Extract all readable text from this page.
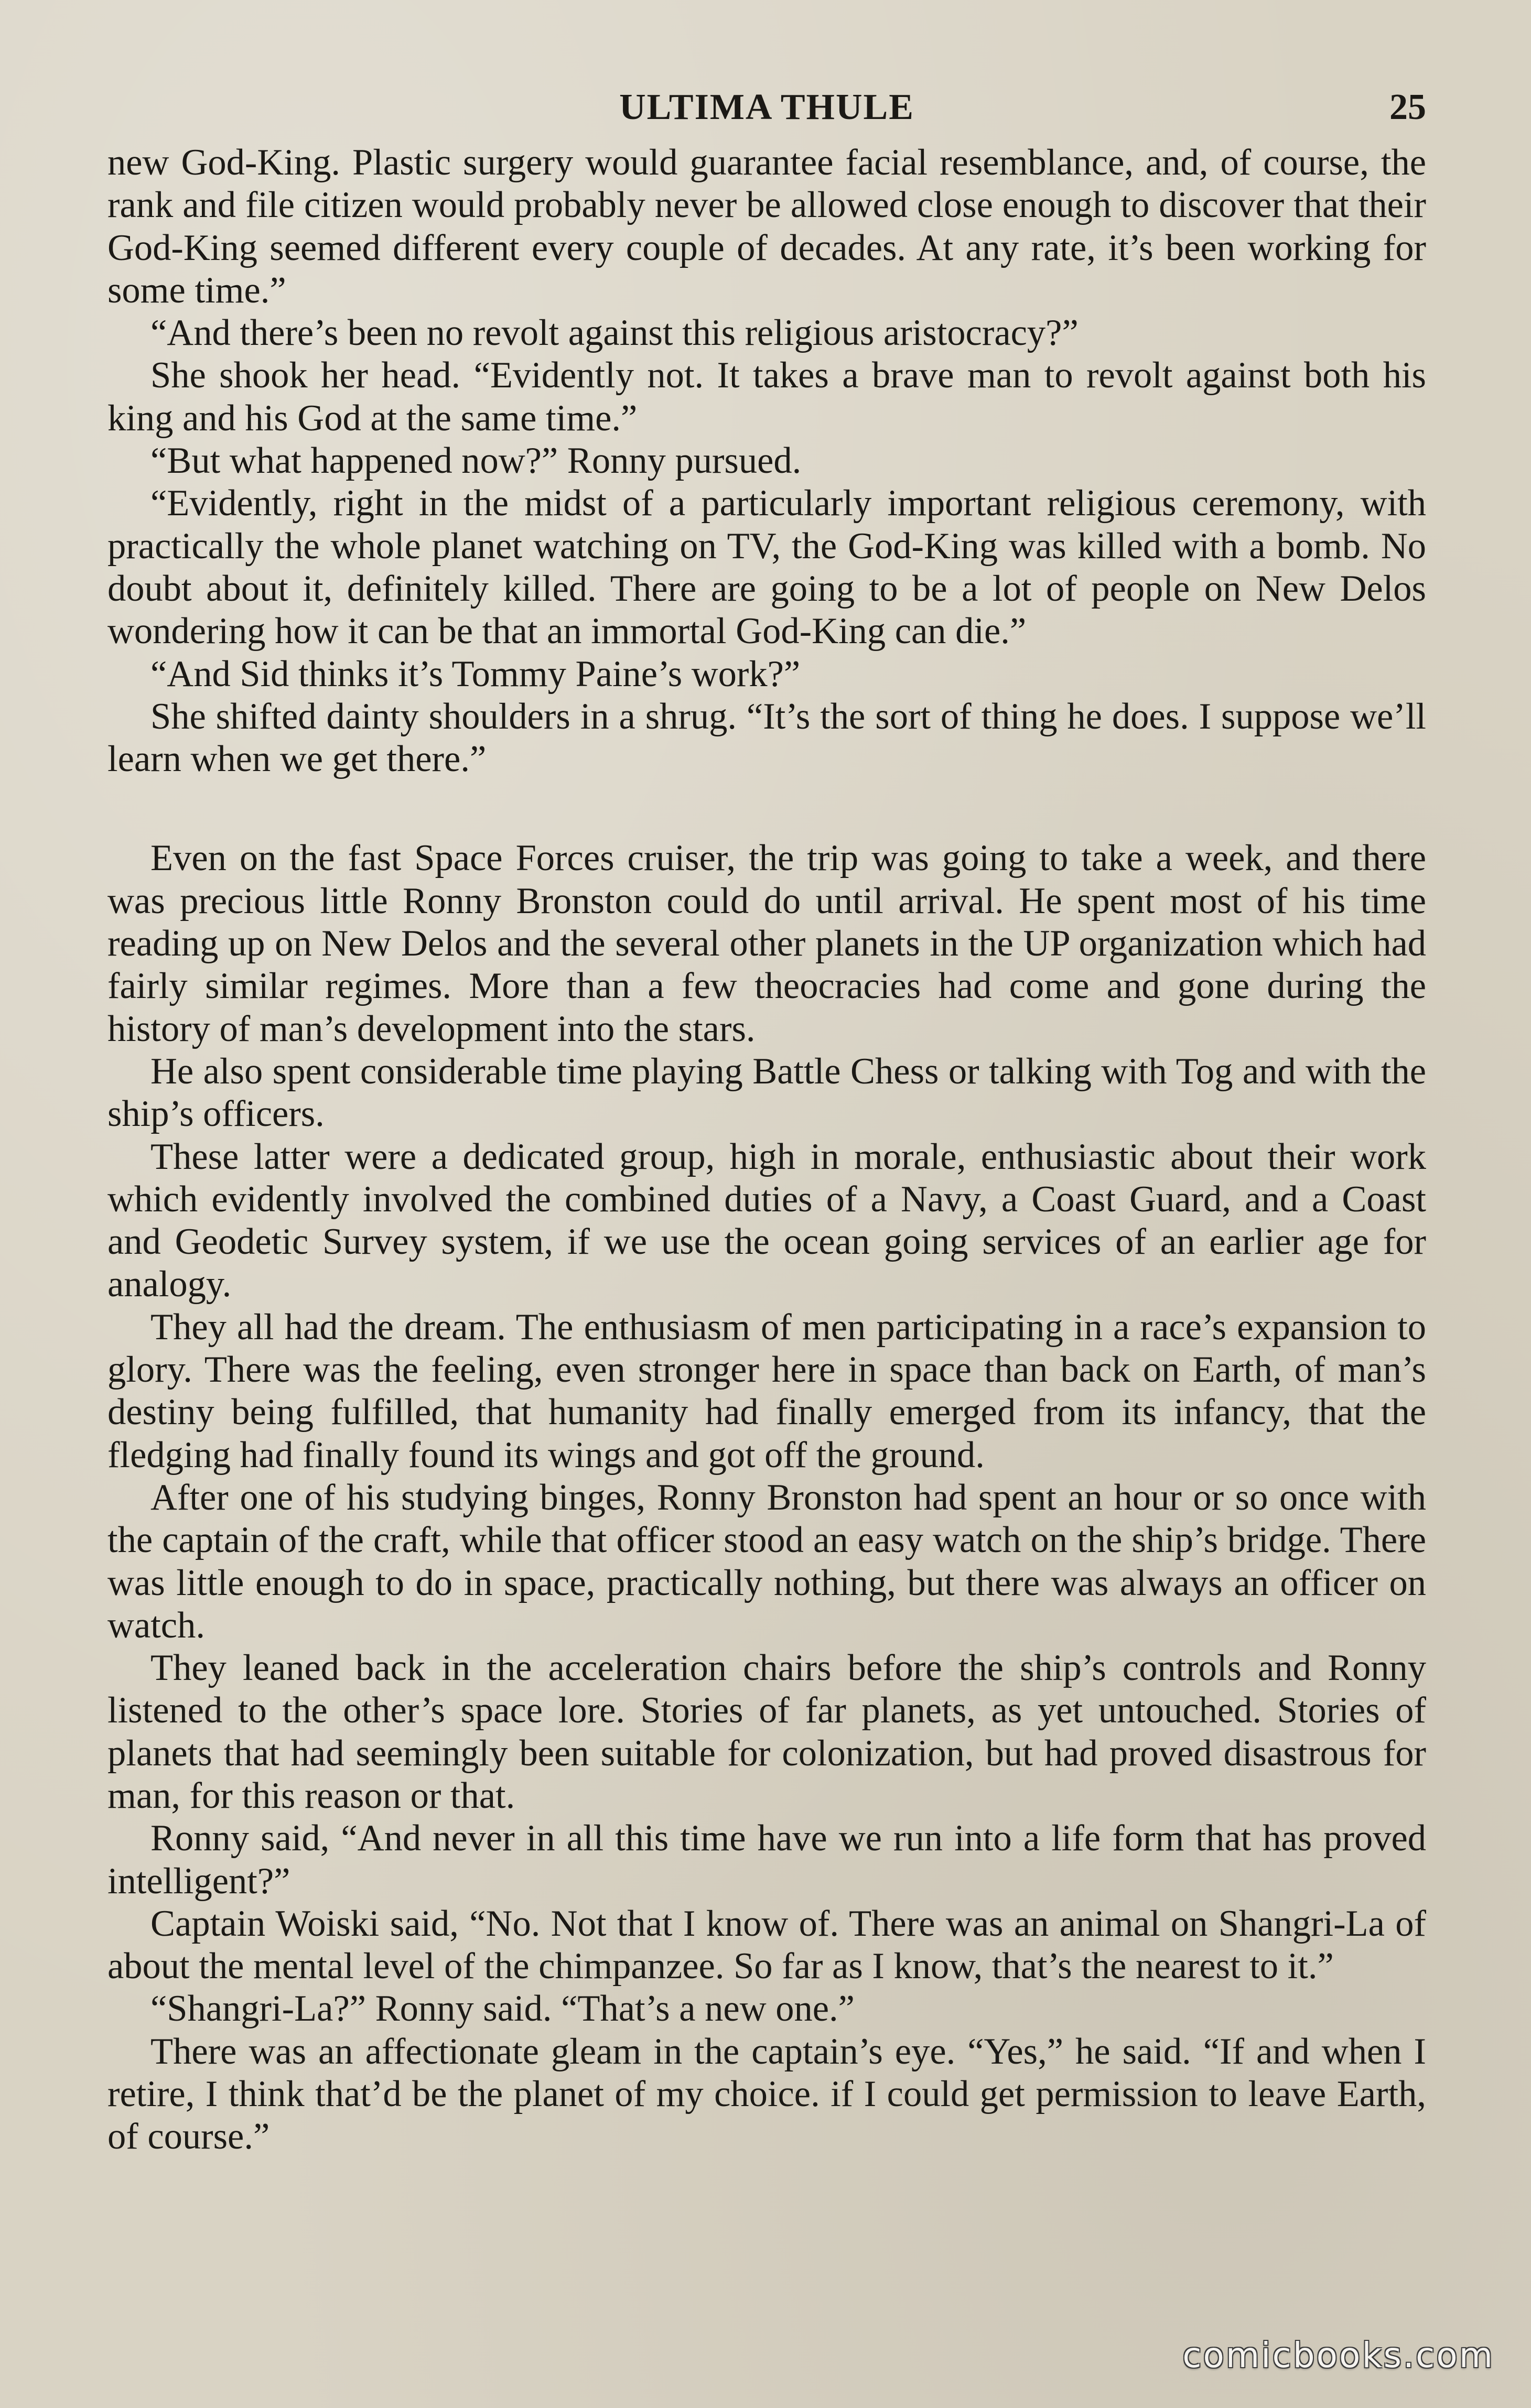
ULTIMA THULE	25

new God-King. Plastic surgery would guarantee facial resemblance, and, of course, the rank and file citizen would probably never be allowed close enough to discover that their God-King seemed different every couple of decades. At any rate, it’s been working for some time.”

“And there’s been no revolt against this religious aristocracy?”

She shook her head. “Evidently not. It takes a brave man to revolt against both his king and his God at the same time.”

“But what happened now?” Ronny pursued.

“Evidently, right in the midst of a particularly important religious ceremony, with practically the whole planet watching on TV, the God-King was killed with a bomb. No doubt about it, definitely killed. There are going to be a lot of people on New Delos wondering how it can be that an immortal God-King can die.”

“And Sid thinks it’s Tommy Paine’s work?”

She shifted dainty shoulders in a shrug. “It’s the sort of thing he does. I suppose we’ll learn when we get there.”

Even on the fast Space Forces cruiser, the trip was going to take a week, and there was precious little Ronny Bronston could do until arrival. He spent most of his time reading up on New Delos and the several other planets in the UP organization which had fairly similar regimes. More than a few theocracies had come and gone during the history of man’s development into the stars.

He also spent considerable time playing Battle Chess or talking with Tog and with the ship’s officers.

These latter were a dedicated group, high in morale, enthusiastic about their work which evidently involved the combined duties of a Navy, a Coast Guard, and a Coast and Geodetic Survey system, if we use the ocean going services of an earlier age for analogy.

They all had the dream. The enthusiasm of men participating in a race’s expansion to glory. There was the feeling, even stronger here in space than back on Earth, of man’s destiny being fulfilled, that humanity had finally emerged from its infancy, that the fledging had finally found its wings and got off the ground.

After one of his studying binges, Ronny Bronston had spent an hour or so once with the captain of the craft, while that officer stood an easy watch on the ship’s bridge. There was little enough to do in space, practically nothing, but there was always an officer on watch.

They leaned back in the acceleration chairs before the ship’s controls and Ronny listened to the other’s space lore. Stories of far planets, as yet untouched. Stories of planets that had seemingly been suitable for colonization, but had proved disastrous for man, for this reason or that.

Ronny said, “And never in all this time have we run into a life form that has proved intelligent?”

Captain Woiski said, “No. Not that I know of. There was an animal on Shangri-La of about the mental level of the chimpanzee. So far as I know, that’s the nearest to it.”

“Shangri-La?” Ronny said. “That’s a new one.”

There was an affectionate gleam in the captain’s eye. “Yes,” he said. “If and when I retire, I think that’d be the planet of my choice. if I could get permission to leave Earth, of course.”

comicbooks.com
